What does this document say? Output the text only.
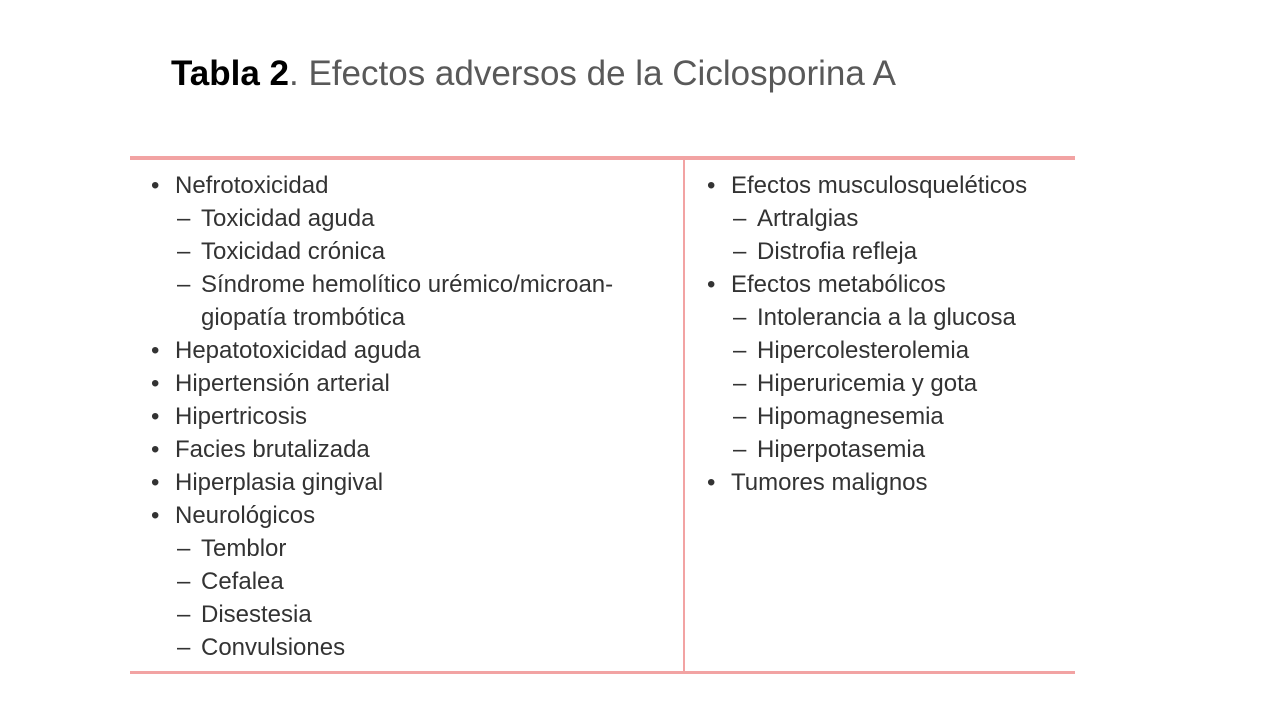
Tabla 2. Efectos adversos de la Ciclosporina A
• Nefrotoxicidad
– Toxicidad aguda
– Toxicidad crónica
– Síndrome hemolítico urémico/microan-
giopatía trombótica
• Hepatotoxicidad aguda
• Hipertensión arterial
• Hipertricosis
• Facies brutalizada
• Hiperplasia gingival
• Neurológicos
– Temblor
– Cefalea
– Disestesia
– Convulsiones
• Efectos musculosqueléticos
– Artralgias
– Distrofia refleja
• Efectos metabólicos
– Intolerancia a la glucosa
– Hipercolesterolemia
– Hiperuricemia y gota
– Hipomagnesemia
– Hiperpotasemia
• Tumores malignos
